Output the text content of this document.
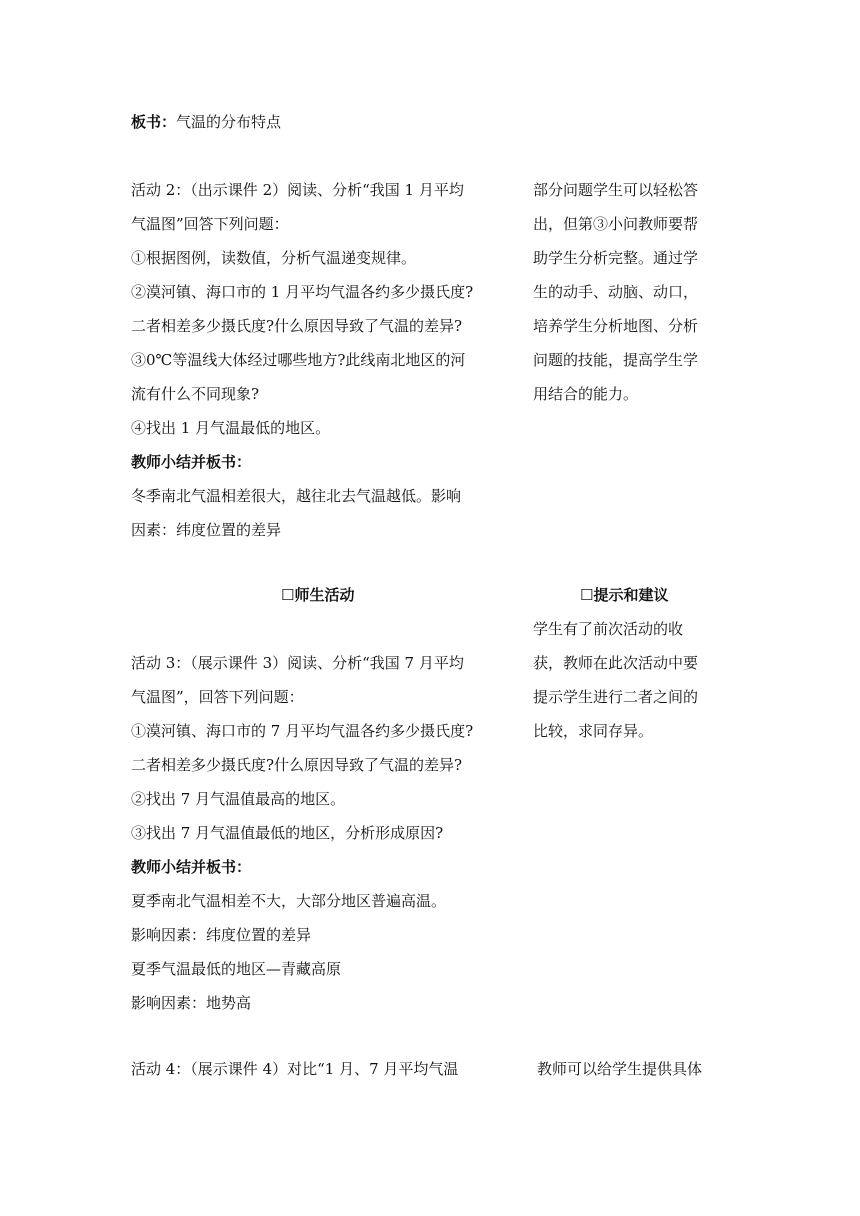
板书：气温的分布特点
活动 2：（出示课件 2）阅读、分析“我国 1 月平均
气温图”回答下列问题：
①根据图例，读数值，分析气温递变规律。
②漠河镇、海口市的 1 月平均气温各约多少摄氏度?
二者相差多少摄氏度?什么原因导致了气温的差异?
③0℃等温线大体经过哪些地方?此线南北地区的河
流有什么不同现象?
④找出 1 月气温最低的地区。
教师小结并板书：
冬季南北气温相差很大，越往北去气温越低。影响
因素：纬度位置的差异
部分问题学生可以轻松答
出，但第③小问教师要帮
助学生分析完整。通过学
生的动手、动脑、动口，
培养学生分析地图、分析
问题的技能，提高学生学
用结合的能力。
☐师生活动	☐提示和建议
学生有了前次活动的收
获，教师在此次活动中要
提示学生进行二者之间的
比较，求同存异。
活动 3：（展示课件 3）阅读、分析“我国 7 月平均
气温图”，回答下列问题：
①漠河镇、海口市的 7 月平均气温各约多少摄氏度?
二者相差多少摄氏度?什么原因导致了气温的差异?
②找出 7 月气温值最高的地区。
③找出 7 月气温值最低的地区，分析形成原因?
教师小结并板书：
夏季南北气温相差不大，大部分地区普遍高温。
影响因素：纬度位置的差异
夏季气温最低的地区—青藏高原
影响因素：地势高
活动 4：（展示课件 4）对比“1 月、7 月平均气温	教师可以给学生提供具体
